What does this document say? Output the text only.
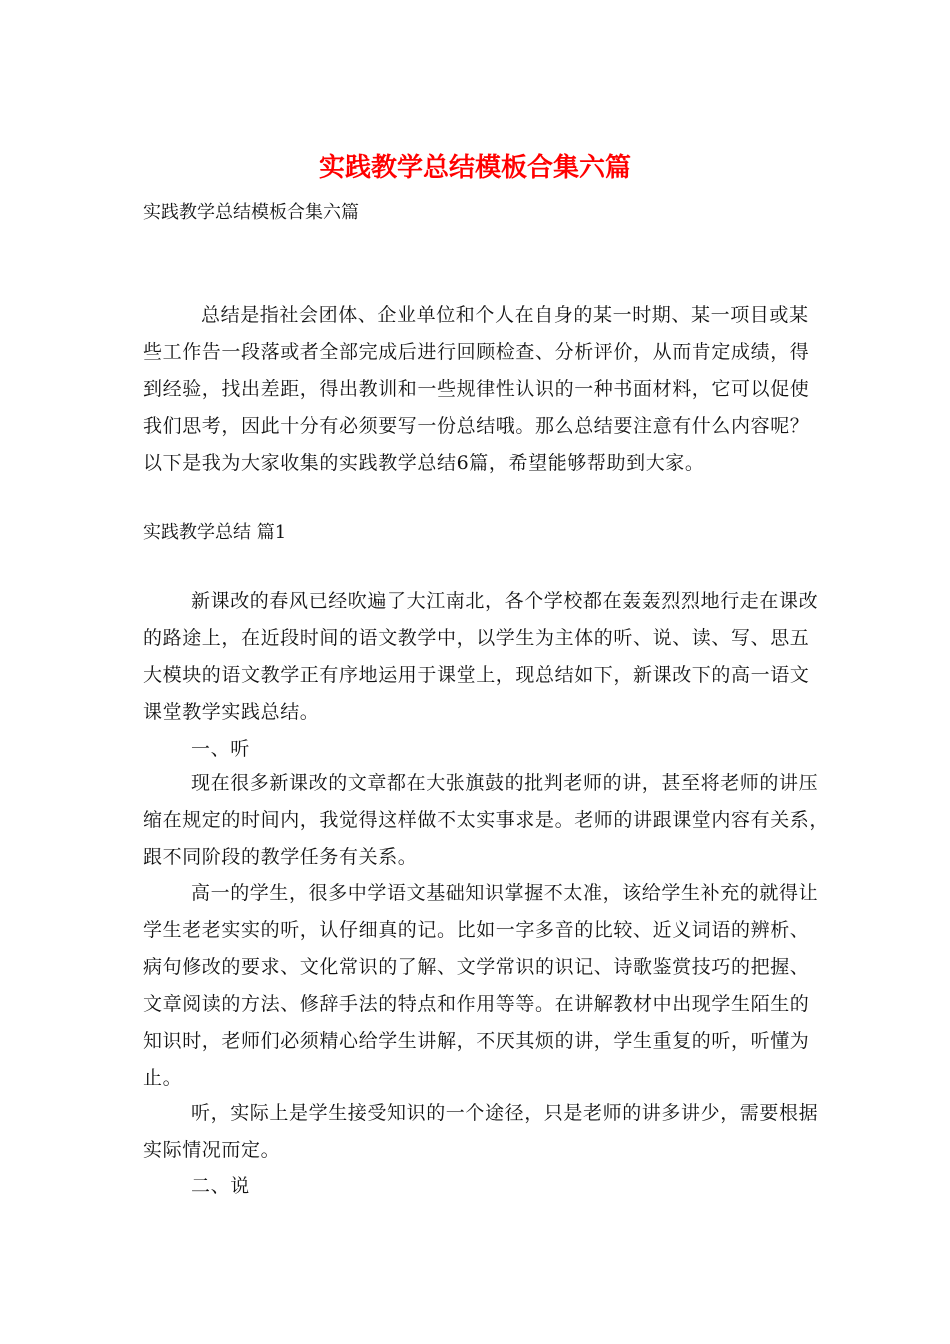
实践教学总结模板合集六篇
实践教学总结模板合集六篇
总结是指社会团体、企业单位和个人在自身的某一时期、某一项目或某
些工作告一段落或者全部完成后进行回顾检查、分析评价，从而肯定成绩，得
到经验，找出差距，得出教训和一些规律性认识的一种书面材料，它可以促使
我们思考，因此十分有必须要写一份总结哦。那么总结要注意有什么内容呢？
以下是我为大家收集的实践教学总结6篇，希望能够帮助到大家。
实践教学总结 篇1
新课改的春风已经吹遍了大江南北，各个学校都在轰轰烈烈地行走在课改
的路途上，在近段时间的语文教学中，以学生为主体的听、说、读、写、思五
大模块的语文教学正有序地运用于课堂上，现总结如下，新课改下的高一语文
课堂教学实践总结。
一、听
现在很多新课改的文章都在大张旗鼓的批判老师的讲，甚至将老师的讲压
缩在规定的时间内，我觉得这样做不太实事求是。老师的讲跟课堂内容有关系，
跟不同阶段的教学任务有关系。
高一的学生，很多中学语文基础知识掌握不太准，该给学生补充的就得让
学生老老实实的听，认仔细真的记。比如一字多音的比较、近义词语的辨析、
病句修改的要求、文化常识的了解、文学常识的识记、诗歌鉴赏技巧的把握、
文章阅读的方法、修辞手法的特点和作用等等。在讲解教材中出现学生陌生的
知识时，老师们必须精心给学生讲解，不厌其烦的讲，学生重复的听，听懂为
止。
听，实际上是学生接受知识的一个途径，只是老师的讲多讲少，需要根据
实际情况而定。
二、说
